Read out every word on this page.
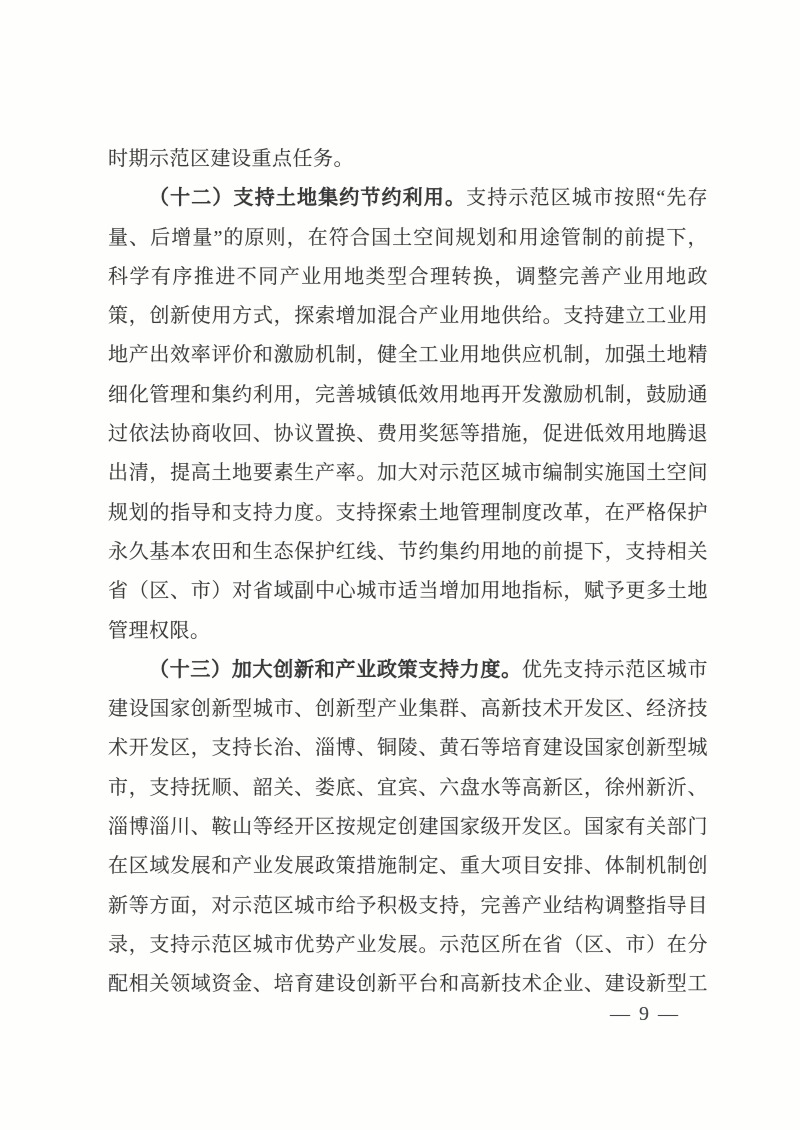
时期示范区建设重点任务。
（十二）支持土地集约节约利用。支持示范区城市按照“先存
量、后增量”的原则，在符合国土空间规划和用途管制的前提下，
科学有序推进不同产业用地类型合理转换，调整完善产业用地政
策，创新使用方式，探索增加混合产业用地供给。支持建立工业用
地产出效率评价和激励机制，健全工业用地供应机制，加强土地精
细化管理和集约利用，完善城镇低效用地再开发激励机制，鼓励通
过依法协商收回、协议置换、费用奖惩等措施，促进低效用地腾退
出清，提高土地要素生产率。加大对示范区城市编制实施国土空间
规划的指导和支持力度。支持探索土地管理制度改革，在严格保护
永久基本农田和生态保护红线、节约集约用地的前提下，支持相关
省（区、市）对省域副中心城市适当增加用地指标，赋予更多土地
管理权限。
（十三）加大创新和产业政策支持力度。优先支持示范区城市
建设国家创新型城市、创新型产业集群、高新技术开发区、经济技
术开发区，支持长治、淄博、铜陵、黄石等培育建设国家创新型城
市，支持抚顺、韶关、娄底、宜宾、六盘水等高新区，徐州新沂、
淄博淄川、鞍山等经开区按规定创建国家级开发区。国家有关部门
在区域发展和产业发展政策措施制定、重大项目安排、体制机制创
新等方面，对示范区城市给予积极支持，完善产业结构调整指导目
录，支持示范区城市优势产业发展。示范区所在省（区、市）在分
配相关领域资金、培育建设创新平台和高新技术企业、建设新型工
— 9 —
